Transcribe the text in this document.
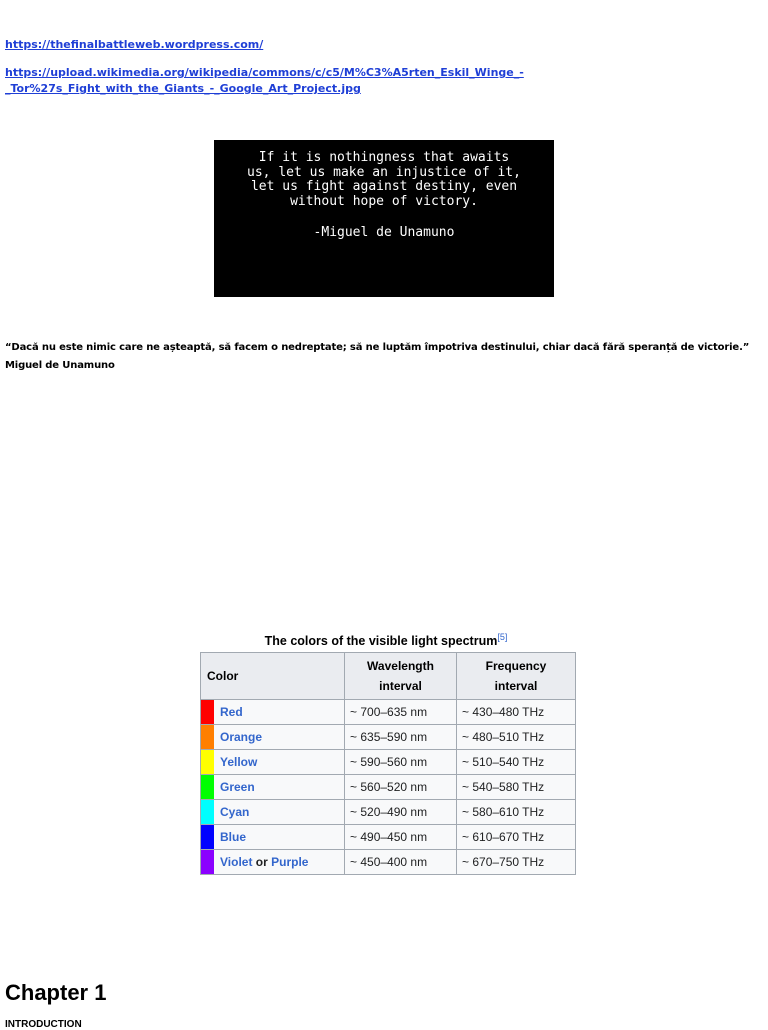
https://thefinalbattleweb.wordpress.com/
https://upload.wikimedia.org/wikipedia/commons/c/c5/M%C3%A5rten_Eskil_Winge_-_Tor%27s_Fight_with_the_Giants_-_Google_Art_Project.jpg
If it is nothingness that awaits
us, let us make an injustice of it,
let us fight against destiny, even
without hope of victory.
-Miguel de Unamuno
“Dacă nu este nimic care ne așteaptă, să facem o nedreptate; să ne luptăm împotriva destinului, chiar dacă fără speranță de victorie.”
Miguel de Unamuno
The colors of the visible light spectrum[5]
Color		Wavelength interval	Frequency interval

	Red	~ 700–635 nm	~ 430–480 THz
	Orange	~ 635–590 nm	~ 480–510 THz
	Yellow	~ 590–560 nm	~ 510–540 THz
	Green	~ 560–520 nm	~ 540–580 THz
	Cyan	~ 520–490 nm	~ 580–610 THz
	Blue	~ 490–450 nm	~ 610–670 THz
	Violet or Purple	~ 450–400 nm	~ 670–750 THz
Chapter 1
INTRODUCTION
